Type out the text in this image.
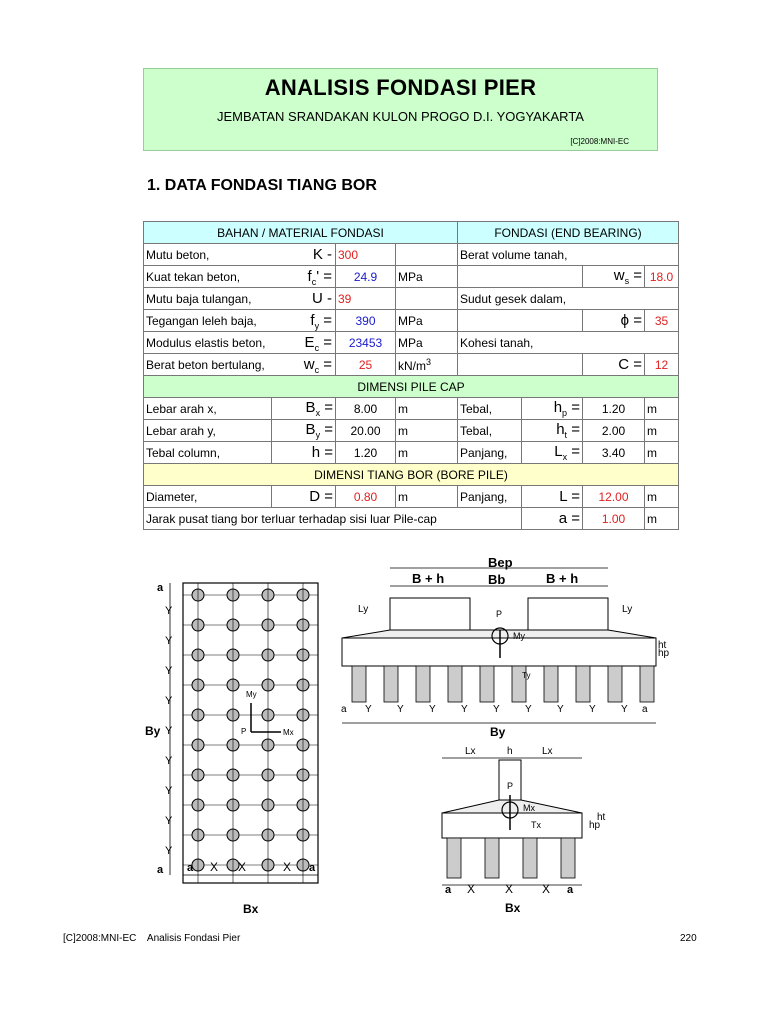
ANALISIS FONDASI PIER
JEMBATAN SRANDAKAN KULON PROGO D.I. YOGYAKARTA
[C]2008:MNI-EC
1. DATA FONDASI TIANG BOR
BAHAN / MATERIAL FONDASI				FONDASI (END BEARING)			
Mutu beton, K -		300		Berat volume tanah,			
Kuat tekan beton, $f_c'$ =		24.9	MPa			$w_s$ =	18.0
Mutu baja tulangan, U -		39		Sudut gesek dalam,			
Tegangan leleh baja, $f_y$ =		390	MPa			ϕ =	35
Modulus elastis beton, $E_c$ =		23453	MPa	Kohesi tanah,			
Berat beton bertulang, $w_c$ =		25	$kN/m^3$			C =	12
DIMENSI PILE CAP							
Lebar arah x,	$B_x$ =	8.00	m	Tebal,	$h_p$ =	1.20	m
Lebar arah y,	$B_y$ =	20.00	m	Tebal,	$h_t$ =	2.00	m
Tebal column,	h =	1.20	m	Panjang,	$L_x$ =	3.40	m
DIMENSI TIANG BOR (BORE PILE)							
Diameter,	D =	0.80	m	Panjang,	L =	12.00	m
Jarak pusat tiang bor terluar terhadap sisi luar Pile-cap					a =	1.00	m
Y
Y
Y
Y
Y
Y
Y
Y
Y
a
a
By
a	a
X X	X
Bx
My
Mx
P
Bep
B + h	Bb	B + h
Ty
P
My
Ly	Ly
ht
hp
a	a
Y	Y	Y	Y	Y	Y	Y	Y	Y
By
Lx	h	Lx
P
Mx
Tx
ht
hp
a	a
X X X
Bx
[C]2008:MNI-EC    Analisis Fondasi Pier	220
